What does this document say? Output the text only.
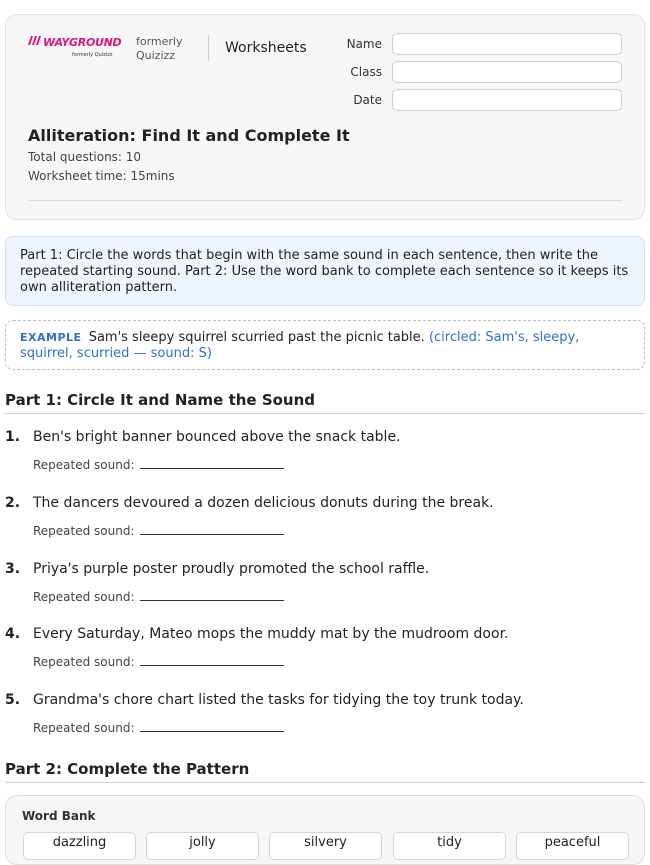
WAYGROUND
formerly Quizizz
formerly
Quizizz	Worksheets	Name
Class
Date
Alliteration: Find It and Complete It
Total questions: 10
Worksheet time: 15mins
Part 1: Circle the words that begin with the same sound in each sentence, then write the repeated starting sound. Part 2: Use the word bank to complete each sentence so it keeps its own alliteration pattern.
EXAMPLE Sam's sleepy squirrel scurried past the picnic table. (circled: Sam's, sleepy, squirrel, scurried — sound: S)
Part 1: Circle It and Name the Sound
1. Ben's bright banner bounced above the snack table.
Repeated sound:
2. The dancers devoured a dozen delicious donuts during the break.
Repeated sound:
3. Priya's purple poster proudly promoted the school raffle.
Repeated sound:
4. Every Saturday, Mateo mops the muddy mat by the mudroom door.
Repeated sound:
5. Grandma's chore chart listed the tasks for tidying the toy trunk today.
Repeated sound:
Part 2: Complete the Pattern
Word Bank
dazzling	jolly	silvery	tidy	peaceful
